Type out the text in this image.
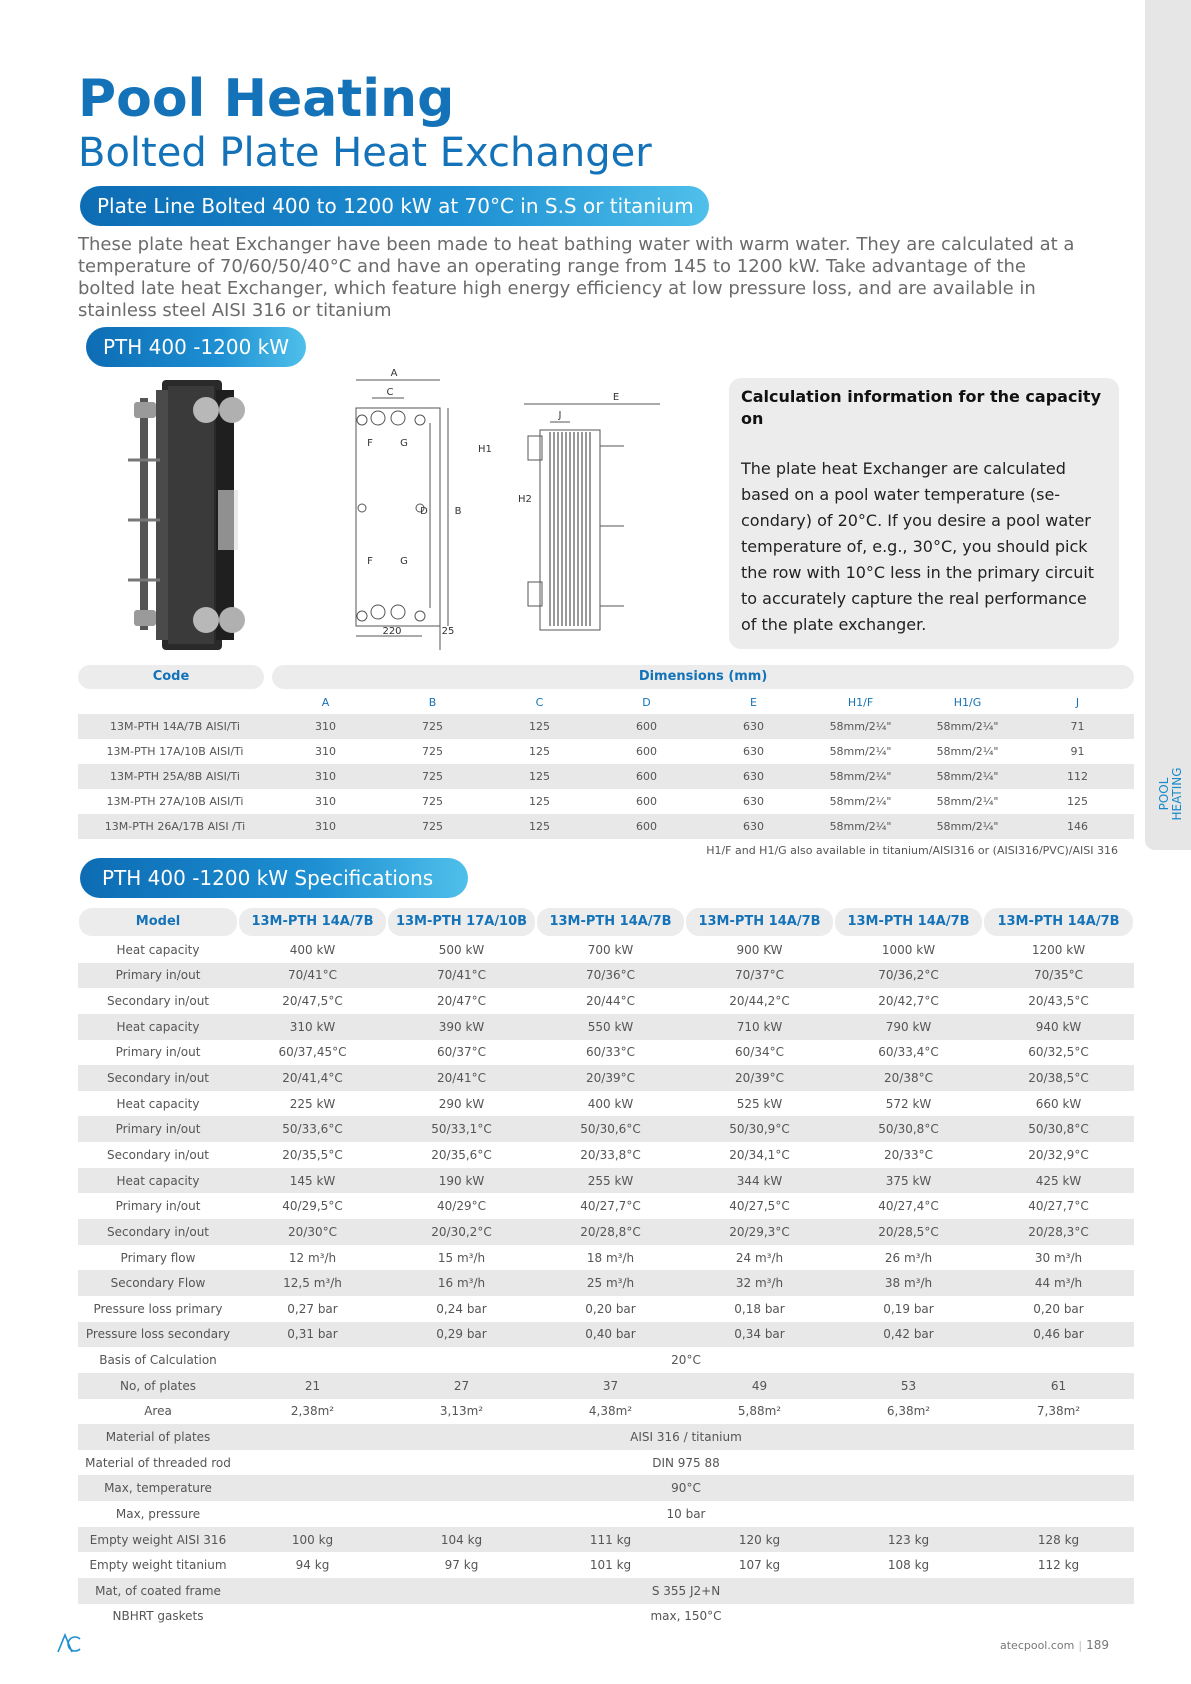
POOL
HEATING
Pool Heating
Bolted Plate Heat Exchanger
Plate Line Bolted 400 to 1200 kW at 70°C in S.S or titanium
These plate heat Exchanger have been made to heat bathing water with warm water. They are calculated at a temperature of 70/60/50/40°C and have an operating range from 145 to 1200 kW. Take advantage of the bolted late heat Exchanger, which feature high energy efficiency at low pressure loss, and are available in stainless steel AISI 316 or titanium
PTH 400 -1200 kW
A
C
F	G
F	G
D	B
220	25
E
J
H1
H2
Calculation information for the capacity on
The plate heat Exchanger are calculated based on a pool water temperature (se-condary) of 20°C. If you desire a pool water temperature of, e.g., 30°C, you should pick the row with 10°C less in the primary circuit to accurately capture the real performance of the plate exchanger.
Code	Dimensions (mm)							

	A	B	C	D	E	H1/F	H1/G	J
13M-PTH 14A/7B AISI/Ti	310	725	125	600	630	58mm/2¼"	58mm/2¼"	71
13M-PTH 17A/10B AISI/Ti	310	725	125	600	630	58mm/2¼"	58mm/2¼"	91
13M-PTH 25A/8B AISI/Ti	310	725	125	600	630	58mm/2¼"	58mm/2¼"	112
13M-PTH 27A/10B AISI/Ti	310	725	125	600	630	58mm/2¼"	58mm/2¼"	125
13M-PTH 26A/17B AISI /Ti	310	725	125	600	630	58mm/2¼"	58mm/2¼"	146
H1/F and H1/G also available in titanium/AISI316 or (AISI316/PVC)/AISI 316
PTH 400 -1200 kW Specifications
Model	13M-PTH 14A/7B	13M-PTH 17A/10B	13M-PTH 14A/7B	13M-PTH 14A/7B	13M-PTH 14A/7B	13M-PTH 14A/7B

Heat capacity	400 kW	500 kW	700 kW	900 KW	1000 kW	1200 kW
Primary in/out	70/41°C	70/41°C	70/36°C	70/37°C	70/36,2°C	70/35°C
Secondary in/out	20/47,5°C	20/47°C	20/44°C	20/44,2°C	20/42,7°C	20/43,5°C
Heat capacity	310 kW	390 kW	550 kW	710 kW	790 kW	940 kW
Primary in/out	60/37,45°C	60/37°C	60/33°C	60/34°C	60/33,4°C	60/32,5°C
Secondary in/out	20/41,4°C	20/41°C	20/39°C	20/39°C	20/38°C	20/38,5°C
Heat capacity	225 kW	290 kW	400 kW	525 kW	572 kW	660 kW
Primary in/out	50/33,6°C	50/33,1°C	50/30,6°C	50/30,9°C	50/30,8°C	50/30,8°C
Secondary in/out	20/35,5°C	20/35,6°C	20/33,8°C	20/34,1°C	20/33°C	20/32,9°C
Heat capacity	145 kW	190 kW	255 kW	344 kW	375 kW	425 kW
Primary in/out	40/29,5°C	40/29°C	40/27,7°C	40/27,5°C	40/27,4°C	40/27,7°C
Secondary in/out	20/30°C	20/30,2°C	20/28,8°C	20/29,3°C	20/28,5°C	20/28,3°C
Primary flow	12 m³/h	15 m³/h	18 m³/h	24 m³/h	26 m³/h	30 m³/h
Secondary Flow	12,5 m³/h	16 m³/h	25 m³/h	32 m³/h	38 m³/h	44 m³/h
Pressure loss primary	0,27 bar	0,24 bar	0,20 bar	0,18 bar	0,19 bar	0,20 bar
Pressure loss secondary	0,31 bar	0,29 bar	0,40 bar	0,34 bar	0,42 bar	0,46 bar
Basis of Calculation	20°C					
No, of plates	21	27	37	49	53	61
Area	2,38m²	3,13m²	4,38m²	5,88m²	6,38m²	7,38m²
Material of plates	AISI 316 / titanium					
Material of threaded rod	DIN 975 88					
Max, temperature	90°C					
Max, pressure	10 bar					
Empty weight AISI 316	100 kg	104 kg	111 kg	120 kg	123 kg	128 kg
Empty weight titanium	94 kg	97 kg	101 kg	107 kg	108 kg	112 kg
Mat, of coated frame	S 355 J2+N					
NBHRT gaskets	max, 150°C					
atecpool.com | 189
